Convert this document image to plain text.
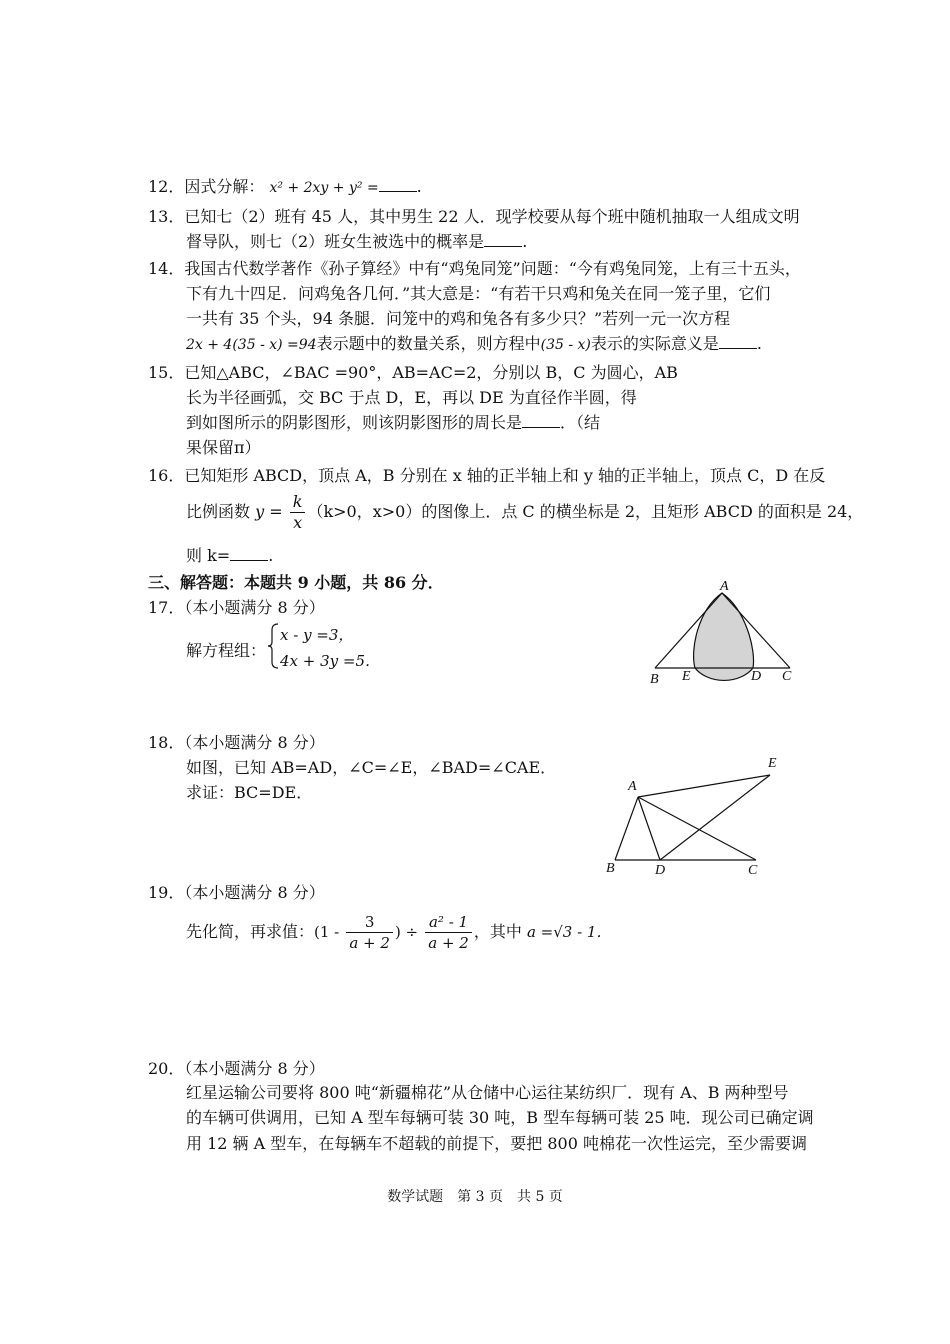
12．因式分解： x² + 2xy + y² = .
13．已知七（2）班有 45 人，其中男生 22 人．现学校要从每个班中随机抽取一人组成文明
督导队，则七（2）班女生被选中的概率是 .
14．我国古代数学著作《孙子算经》中有“鸡兔同笼”问题：“今有鸡兔同笼，上有三十五头，
下有九十四足．问鸡兔各几何．”其大意是：“有若干只鸡和兔关在同一笼子里，它们
一共有 35 个头，94 条腿．问笼中的鸡和兔各有多少只？”若列一元一次方程
2x + 4(35 - x) =94表示题中的数量关系，则方程中(35 - x)表示的实际意义是 .
15．已知△ABC，∠BAC =90°，AB=AC=2，分别以 B，C 为圆心，AB
长为半径画弧，交 BC 于点 D，E，再以 DE 为直径作半圆，得
到如图所示的阴影图形，则该阴影图形的周长是 ．（结
果保留π）
16．已知矩形 ABCD，顶点 A，B 分别在 x 轴的正半轴上和 y 轴的正半轴上，顶点 C，D 在反
比例函数 $y = \frac{k}{x} (k>0$，x>0）的图像上．点 C 的横坐标是 2，且矩形 ABCD 的面积是 24，
则 k= .
三、解答题：本题共 9 小题，共 86 分．
17．（本小题满分 8 分）
解方程组：
x - y =3，
4x + 3y =5．
A
B E	D C
18．（本小题满分 8 分）
如图，已知 AB=AD，∠C=∠E，∠BAD=∠CAE．
求证：BC=DE．	A
B	D	C
E
19．（本小题满分 8 分）
先化简，再求值：($1 - \frac{3}{a + 2}$ ) ÷ $\frac{\text{a² - 1}}{a + 2}$ ，其中 a =√3 - 1．
20．（本小题满分 8 分）
红星运输公司要将 800 吨“新疆棉花”从仓储中心运往某纺织厂．现有 A、B 两种型号
的车辆可供调用，已知 A 型车每辆可装 30 吨，B 型车每辆可装 25 吨．现公司已确定调
用 12 辆 A 型车，在每辆车不超载的前提下，要把 800 吨棉花一次性运完，至少需要调
数学试题　第 3 页　共 5 页
